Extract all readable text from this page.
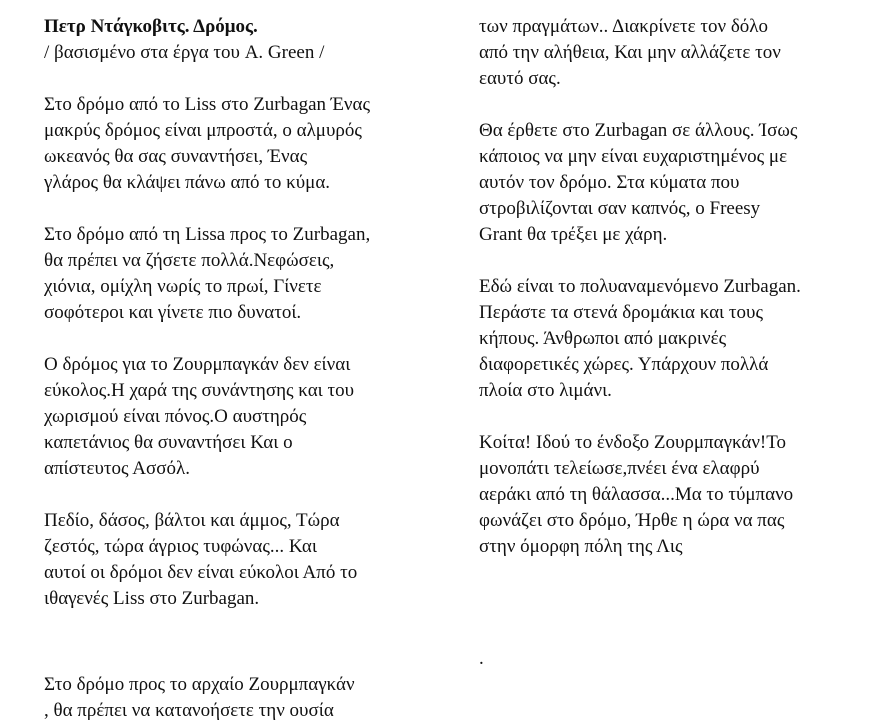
Πετρ Ντάγκοβιτς. Δρόμος.
/ βασισμένο στα έργα του A. Green /
Στο δρόμο από το Liss στο Zurbagan Ένας
μακρύς δρόμος είναι μπροστά, ο αλμυρός
ωκεανός θα σας συναντήσει, Ένας
γλάρος θα κλάψει πάνω από το κύμα.
Στο δρόμο από τη Lissa προς το Zurbagan,
θα πρέπει να ζήσετε πολλά.Νεφώσεις,
χιόνια, ομίχλη νωρίς το πρωί, Γίνετε
σοφότεροι και γίνετε πιο δυνατοί.
Ο δρόμος για το Ζουρμπαγκάν δεν είναι
εύκολος.Η χαρά της συνάντησης και του
χωρισμού είναι πόνος.Ο αυστηρός
καπετάνιος θα συναντήσει Και ο
απίστευτος Ασσόλ.
Πεδίο, δάσος, βάλτοι και άμμος, Τώρα
ζεστός, τώρα άγριος τυφώνας... Και
αυτοί οι δρόμοι δεν είναι εύκολοι Από το
ιθαγενές Liss στο Zurbagan.
Στο δρόμο προς το αρχαίο Ζουρμπαγκάν
, θα πρέπει να κατανοήσετε την ουσία
των πραγμάτων.. Διακρίνετε τον δόλο
από την αλήθεια, Και μην αλλάζετε τον
εαυτό σας.
Θα έρθετε στο Zurbagan σε άλλους. Ίσως
κάποιος να μην είναι ευχαριστημένος με
αυτόν τον δρόμο. Στα κύματα που
στροβιλίζονται σαν καπνός, ο Freesy
Grant θα τρέξει με χάρη.
Εδώ είναι το πολυαναμενόμενο Zurbagan.
Περάστε τα στενά δρομάκια και τους
κήπους. Άνθρωποι από μακρινές
διαφορετικές χώρες. Υπάρχουν πολλά
πλοία στο λιμάνι.
Κοίτα! Ιδού το ένδοξο Ζουρμπαγκάν!Το
μονοπάτι τελείωσε,πνέει ένα ελαφρύ
αεράκι από τη θάλασσα...Μα το τύμπανο
φωνάζει στο δρόμο, Ήρθε η ώρα να πας
στην όμορφη πόλη της Λις
.
